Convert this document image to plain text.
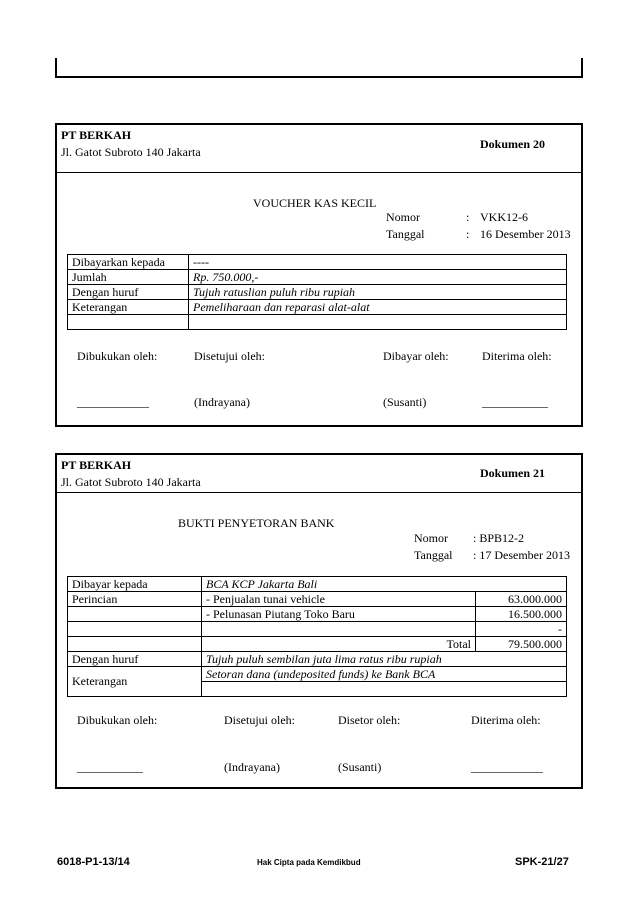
PT BERKAH
Jl. Gatot Subroto 140 Jakarta
Dokumen 20
VOUCHER KAS KECIL
Nomor	: VKK12-6
Tanggal	: 16 Desember 2013
Dibayarkan kepada	----
Jumlah	Rp. 750.000,-
Dengan huruf	Tujuh ratuslian puluh ribu rupiah
Keterangan	Pemeliharaan dan reparasi alat-alat

Dibukukan oleh:	Disetujui oleh:	Dibayar oleh:	Diterima oleh:
____________	(Indrayana)	(Susanti)	___________
PT BERKAH
Jl. Gatot Subroto 140 Jakarta
Dokumen 21
BUKTI PENYETORAN BANK
Nomor : BPB12-2
Tanggal : 17 Desember 2013
Dibayar kepada	BCA KCP Jakarta Bali	
Perincian	- Penjualan tunai vehicle	63.000.000
	- Pelunasan Piutang Toko Baru	16.500.000
		-
	Total	79.500.000
Dengan huruf	Tujuh puluh sembilan juta lima ratus ribu rupiah	
Keterangan	Setoran dana (undeposited funds) ke Bank BCA	

Dibukukan oleh:	Disetujui oleh:	Disetor oleh:	Diterima oleh:
___________	(Indrayana)	(Susanti)	____________
6018-P1-13/14	Hak Cipta pada Kemdikbud	SPK-21/27
